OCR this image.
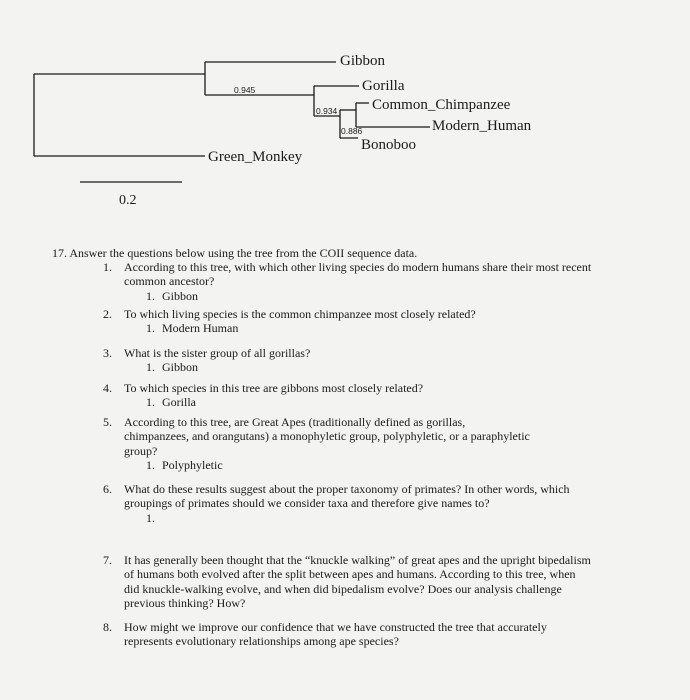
Gibbon
Gorilla
Common_Chimpanzee
Modern_Human
Bonoboo
Green_Monkey
0.945
0.934
0.886
0.2
17. Answer the questions below using the tree from the COII sequence data.
1. According to this tree, with which other living species do modern humans share their most recent common ancestor?
1. Gibbon
2. To which living species is the common chimpanzee most closely related?
1. Modern Human
3. What is the sister group of all gorillas?
1. Gibbon
4. To which species in this tree are gibbons most closely related?
1. Gorilla
5. According to this tree, are Great Apes (traditionally defined as gorillas, chimpanzees, and orangutans) a monophyletic group, polyphyletic, or a paraphyletic group?
1. Polyphyletic
6. What do these results suggest about the proper taxonomy of primates? In other words, which groupings of primates should we consider taxa and therefore give names to?
1.
7. It has generally been thought that the “knuckle walking” of great apes and the upright bipedalism of humans both evolved after the split between apes and humans. According to this tree, when did knuckle-walking evolve, and when did bipedalism evolve? Does our analysis challenge previous thinking? How?
8. How might we improve our confidence that we have constructed the tree that accurately represents evolutionary relationships among ape species?
